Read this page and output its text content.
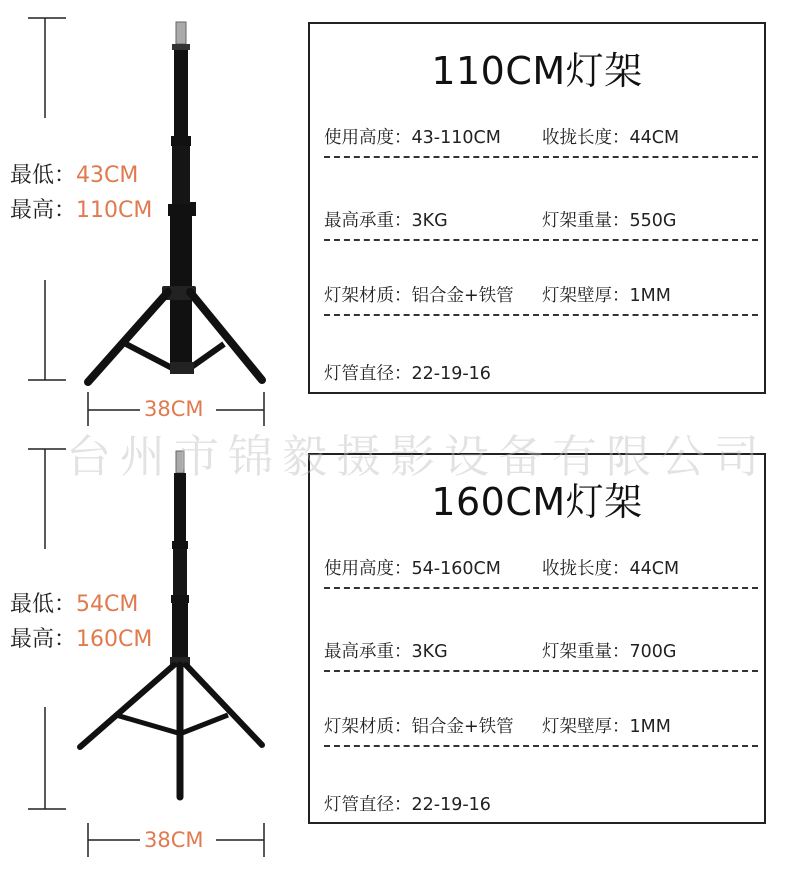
最低：43CM
最高：110CM
38CM
110CM灯架
使用高度：43-110CM 收拢长度：44CM
最高承重：3KG	灯架重量：550G
灯架材质：铝合金+铁管 灯架壁厚：1MM
灯管直径：22-19-16
最低：54CM
最高：160CM
38CM
160CM灯架
使用高度：54-160CM 收拢长度：44CM
最高承重：3KG	灯架重量：700G
灯架材质：铝合金+铁管 灯架壁厚：1MM
灯管直径：22-19-16
台州市锦毅摄影设备有限公司
